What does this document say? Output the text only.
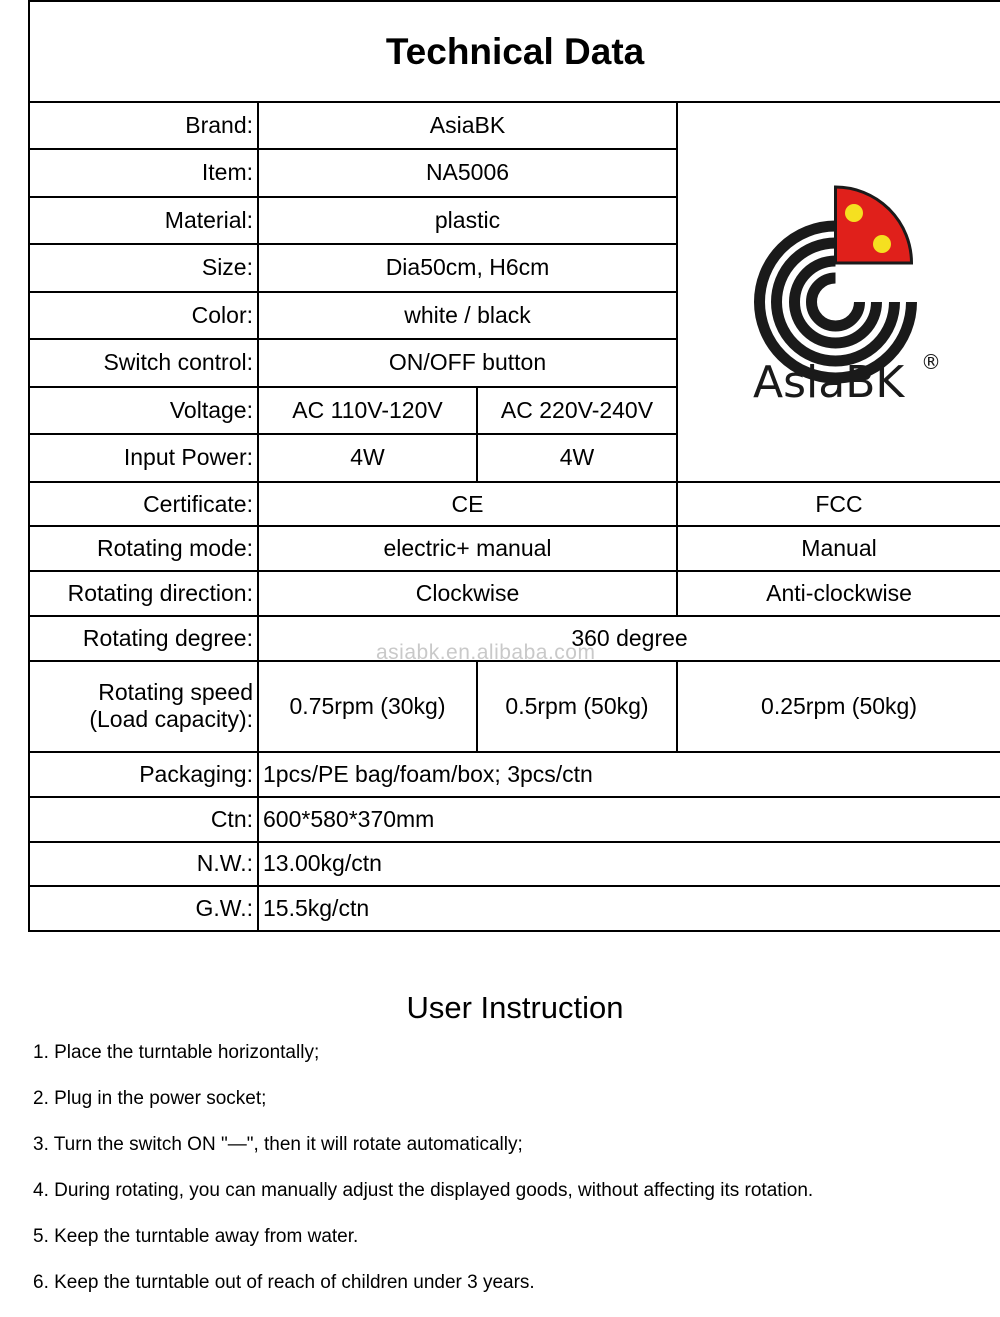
Technical Data			
Brand:	AsiaBK		AsiaBK ®

Item:	NA5006		
Material:	plastic		
Size:	Dia50cm, H6cm		
Color:	white / black		
Switch control:	ON/OFF button		
Voltage:	AC 110V-120V	AC 220V-240V	
Input Power:	4W	4W	
Certificate:	CE		FCC
Rotating mode:	electric+ manual		Manual
Rotating direction:	Clockwise		Anti-clockwise
Rotating degree:	360 degree		
Rotating speed
(Load capacity):	0.75rpm (30kg)	0.5rpm (50kg)	0.25rpm (50kg)
Packaging:	1pcs/PE bag/foam/box; 3pcs/ctn		
Ctn:	600*580*370mm		
N.W.:	13.00kg/ctn		
G.W.:	15.5kg/ctn		
asiabk.en.alibaba.com
User Instruction
1. Place the turntable horizontally;
2. Plug in the power socket;
3. Turn the switch ON "—", then it will rotate automatically;
4. During rotating, you can manually adjust the displayed goods, without affecting its rotation.
5. Keep the turntable away from water.
6. Keep the turntable out of reach of children under 3 years.
